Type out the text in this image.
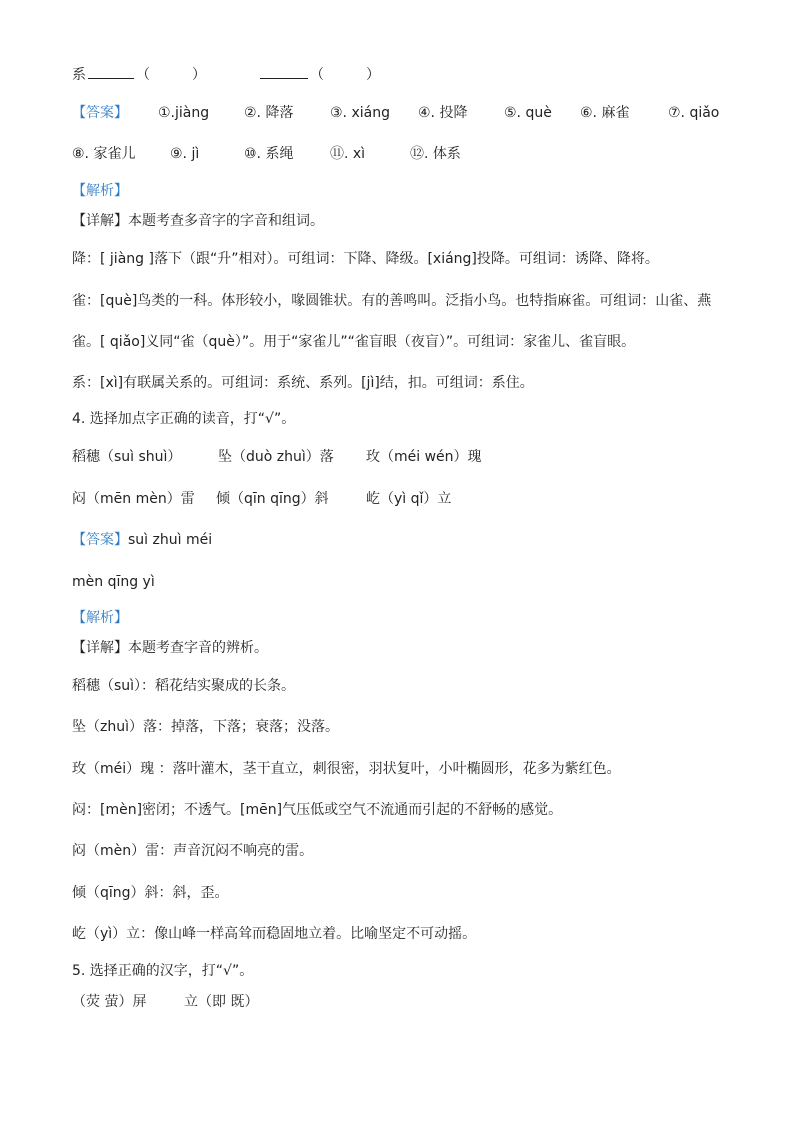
系	（　　　）	（　　　）
【答案】 ①.jiàng ②. 降落	③. xiáng ④. 投降	⑤. què ⑥. 麻雀	⑦. qiǎo
⑧. 家雀儿 ⑨. jì	⑩. 系绳	⑪. xì	⑫. 体系
【解析】
【详解】本题考查多音字的字音和组词。
降：[ jiàng ]落下（跟“升”相对）。可组词：下降、降级。[xiáng]投降。可组词：诱降、降将。
雀：[què]鸟类的一科。体形较小，喙圆锥状。有的善鸣叫。泛指小鸟。也特指麻雀。可组词：山雀、燕
雀。[ qiǎo]义同“雀（què）”。用于“家雀儿”“雀盲眼（夜盲）”。可组词：家雀儿、雀盲眼。
系：[xì]有联属关系的。可组词：系统、系列。[jì]结，扣。可组词：系住。
4. 选择加点字正确的读音，打“√”。
稻穗（suì shuì）	坠（duò zhuì）落 玫（méi wén）瑰
闷（mēn mèn）雷 倾（qīn qīng）斜	屹（yì qǐ）立
【答案】 suì zhuì méi
mèn qīng yì
【解析】
【详解】本题考查字音的辨析。
稻穗（suì）：稻花结实聚成的长条。
坠（zhuì）落：掉落，下落；衰落；没落。
玫（méi）瑰 ：落叶灌木，茎干直立，刺很密，羽状复叶，小叶椭圆形，花多为紫红色。
闷：[mèn]密闭；不透气。[mēn]气压低或空气不流通而引起的不舒畅的感觉。
闷（mèn）雷：声音沉闷不响亮的雷。
倾（qīng）斜：斜，歪。
屹（yì）立：像山峰一样高耸而稳固地立着。比喻坚定不可动摇。
5. 选择正确的汉字，打“√”。
（荧 萤）屏	立（即 既）
